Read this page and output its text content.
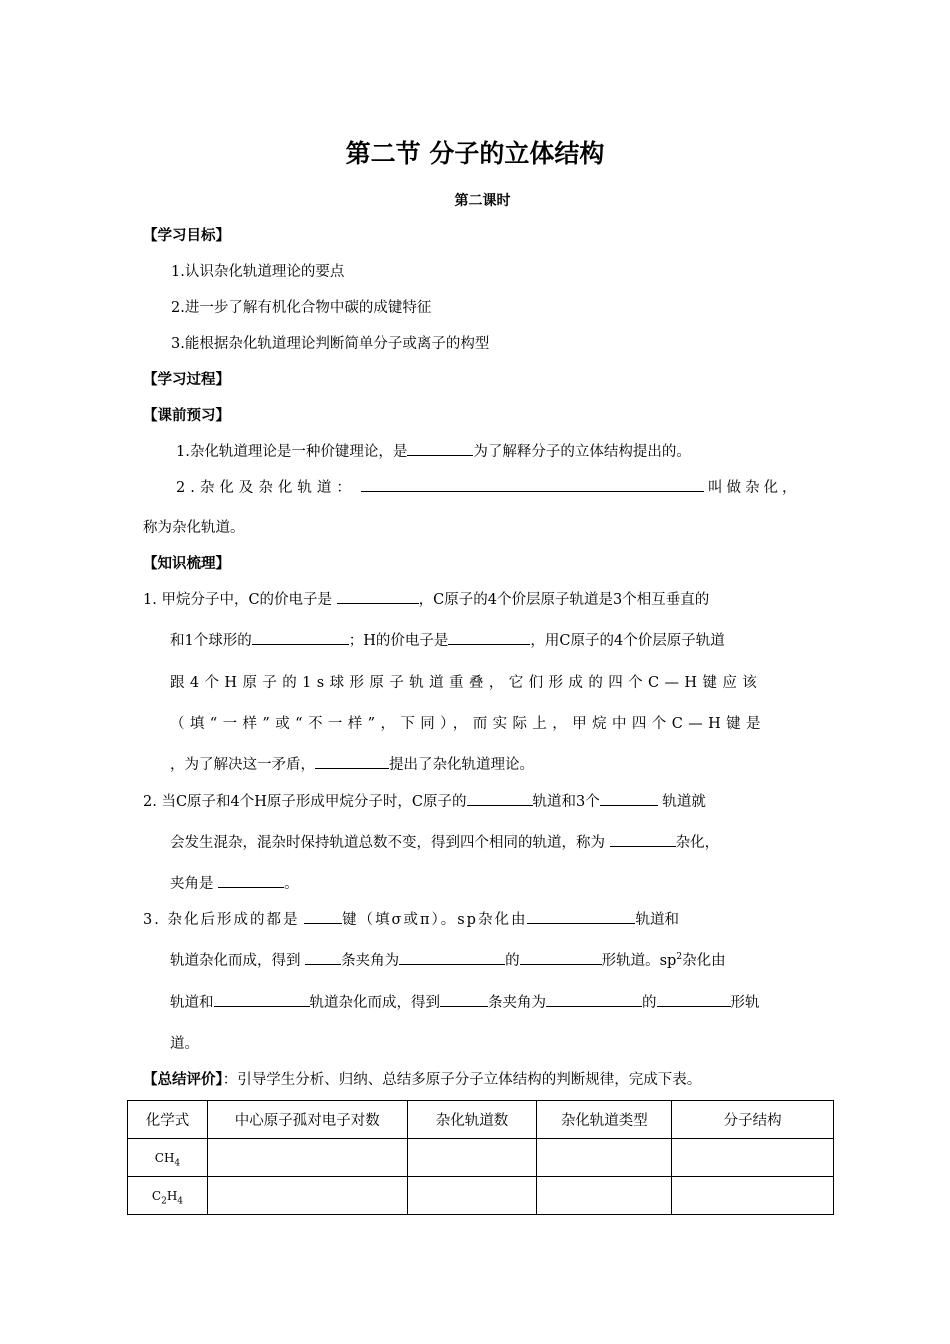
第二节 分子的立体结构
第二课时
【学习目标】
1.认识杂化轨道理论的要点
2.进一步了解有机化合物中碳的成键特征
3.能根据杂化轨道理论判断简单分子或离子的构型
【学习过程】
【课前预习】
1.杂化轨道理论是一种价键理论，是	为了解释分子的立体结构提出的。
2.杂化及杂化轨道：	叫做杂化，
称为杂化轨道。
【知识梳理】
1. 甲烷分子中，C的价电子是	，C原子的4个价层原子轨道是3个相互垂直的
和1个球形的	；H的价电子是	，用C原子的4个价层原子轨道
跟4个H原子的1s球形原子轨道重叠，它们形成的四个C—H键应该
（填“一样”或“不一样”，下同），而实际上，甲烷中四个C—H键是
，为了解决这一矛盾，	提出了杂化轨道理论。
2. 当C原子和4个H原子形成甲烷分子时，C原子的	轨道和3个	轨道就
会发生混杂，混杂时保持轨道总数不变，得到四个相同的轨道，称为	杂化，
夹角是	。
3. 杂化后形成的都是	键（填σ或π）。sp杂化由	轨道和
轨道杂化而成，得到	条夹角为	的	形轨道。$sp^2$杂化由
轨道和	轨道杂化而成，得到	条夹角为	的	形轨
道。
【总结评价】：引导学生分析、归纳、总结多原子分子立体结构的判断规律，完成下表。
化学式	中心原子孤对电子对数	杂化轨道数	杂化轨道类型	分子结构
$CH_4$				
$C_2H_4$				
